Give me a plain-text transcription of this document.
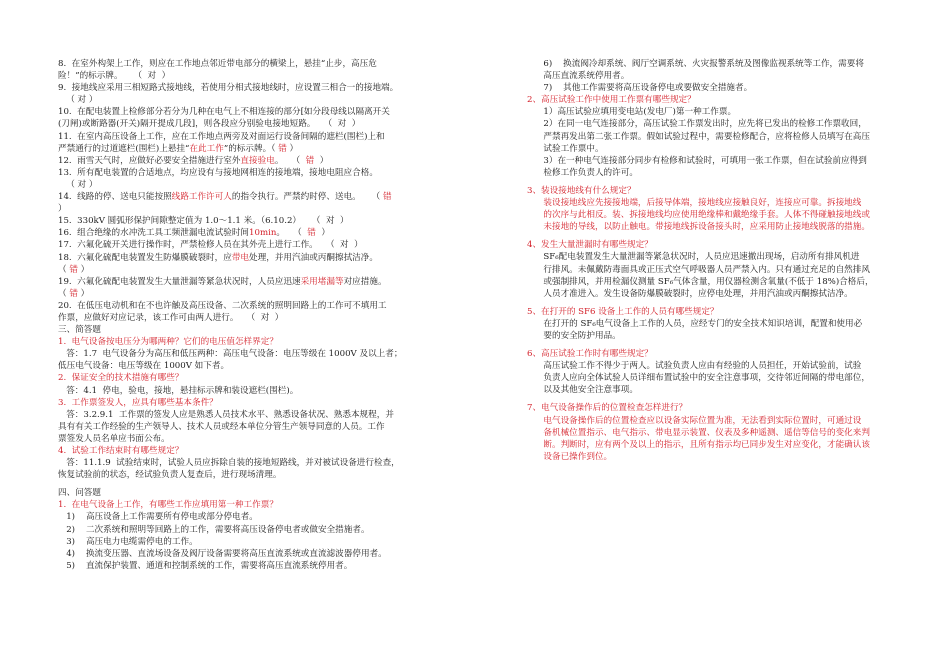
8.  在室外构架上工作，则应在工作地点邻近带电部分的横梁上，悬挂“止步，高压危
险！”的标示牌。    （  对  ）
9.  接地线应采用三相短路式接地线，若使用分相式接地线时，应设置三相合一的接地端。
（ 对 ）
10.  在配电装置上检修部分若分为几种在电气上不相连接的部分[如分段母线以隔离开关
(刀闸)或断路器(开关)隔开提成几段]，则各段应分别验电接地短路。   （  对  ）
11.  在室内高压设备上工作，应在工作地点两旁及对面运行设备间隔的遮栏(围栏)上和
严禁通行的过道遮栏(围栏)上悬挂“在此工作”的标示牌。（ 错 ）
12.  雨雪天气时，应做好必要安全措施进行室外直接验电。   （  错  ）
13.  所有配电装置的合适地点，均应设有与接地网相连的接地端，接地电阻应合格。
（ 对 ）
14.  线路的停、送电只能按照线路工作许可人的指令执行。严禁约时停、送电。    （ 错
）
15.  330kV 圆弧形保护间隙整定值为 1.0～1.1 米。（6.10.2）    （  对  ）
16.  组合绝缘的水冲洗工具工频泄漏电流试验时间10min。   （  错  ）
17.  六氟化硫开关进行操作时，严禁检修人员在其外壳上进行工作。   （  对  ）
18.  六氟化硫配电装置发生防爆膜破裂时，应带电处理，并用汽油或丙酮擦拭洁净。
（ 错 ）
19.  六氟化硫配电装置发生大量泄漏等紧急状况时，人员应迅速采用堵漏等对应措施。
（ 错 ）
20.  在低压电动机和在不也许触及高压设备、二次系统的照明回路上的工作可不填用工
作票，应做好对应记录，该工作可由两人进行。   （  对  ）
三、简答题
1.  电气设备按电压分为哪两种？它们的电压值怎样界定？
答：1.7  电气设备分为高压和低压两种：高压电气设备：电压等级在 1000V 及以上者；
低压电气设备：电压等级在 1000V 如下者。
2.  保证安全的技术措施有哪些？
答：4.1  停电，验电，接地，悬挂标示牌和装设遮栏(围栏)。
3.  工作票签发人，应具有哪些基本条件？
答：3.2.9.1  工作票的签发人应是熟悉人员技术水平、熟悉设备状况、熟悉本规程，并
具有有关工作经验的生产领导人、技术人员或经本单位分管生产领导同意的人员。工作
票签发人员名单应书面公布。
4.  试验工作结束时有哪些规定？
答：11.1.9  试验结束时，试验人员应拆除自装的接地短路线，并对被试设备进行检查，
恢复试验前的状态，经试验负责人复查后，进行现场清理。
四、问答题
1.  在电气设备上工作，有哪些工作应填用第一种工作票？
1)    高压设备上工作需要所有停电或部分停电者。
2)    二次系统和照明等回路上的工作，需要将高压设备停电者或做安全措施者。
3)    高压电力电缆需停电的工作。
4)    换流变压器、直流场设备及阀厅设备需要将高压直流系统或直流滤波器停用者。
5)    直流保护装置、通道和控制系统的工作，需要将高压直流系统停用者。
6)    换流阀冷却系统、阀厅空调系统、火灾报警系统及图像监视系统等工作，需要将
高压直流系统停用者。
7)    其他工作需要将高压设备停电或要做安全措施者。
2、高压试验工作中使用工作票有哪些规定？
1）高压试验应填用变电站(发电厂)第一种工作票。
2）在同一电气连接部分，高压试验工作票发出时，应先将已发出的检修工作票收回，
严禁再发出第二张工作票。假如试验过程中，需要检修配合，应将检修人员填写在高压
试验工作票中。
3）在一种电气连接部分同步有检修和试验时，可填用一张工作票，但在试验前应得到
检修工作负责人的许可。
3、装设接地线有什么规定？
装设接地线应先接接地端，后接导体端，接地线应接触良好，连接应可靠。拆接地线
的次序与此相反。装、拆接地线均应使用绝缘棒和戴绝缘手套。人体不得碰触接地线或
未接地的导线，以防止触电。带接地线拆设备接头时，应采用防止接地线脱落的措施。
4、发生大量泄漏时有哪些规定？
SF₆配电装置发生大量泄漏等紧急状况时，人员应迅速撤出现场，启动所有排风机进
行排风。未佩戴防毒面具或正压式空气呼吸器人员严禁入内。只有通过充足的自然排风
或强制排风，并用检漏仪测量 SF₆气体含量，用仪器检测含氧量(不低于 18%)合格后，
人员才准进入。发生设备防爆膜破裂时，应停电处理，并用汽油或丙酮擦拭洁净。
5、在打开的 SF6 设备上工作的人员有哪些规定？
在打开的 SF₆电气设备上工作的人员，应经专门的安全技术知识培训，配置和使用必
要的安全防护用品。
6、高压试验工作时有哪些规定？
高压试验工作不得少于两人。试验负责人应由有经验的人员担任，开始试验前，试验
负责人应向全体试验人员详细布置试验中的安全注意事项，交待邻近间隔的带电部位，
以及其他安全注意事项。
7、电气设备操作后的位置检查怎样进行？
电气设备操作后的位置检查应以设备实际位置为准，无法看到实际位置时，可通过设
备机械位置指示、电气指示、带电显示装置、仪表及多种遥测、遥信等信号的变化来判
断。判断时，应有两个及以上的指示，且所有指示均已同步发生对应变化，才能确认该
设备已操作到位。
